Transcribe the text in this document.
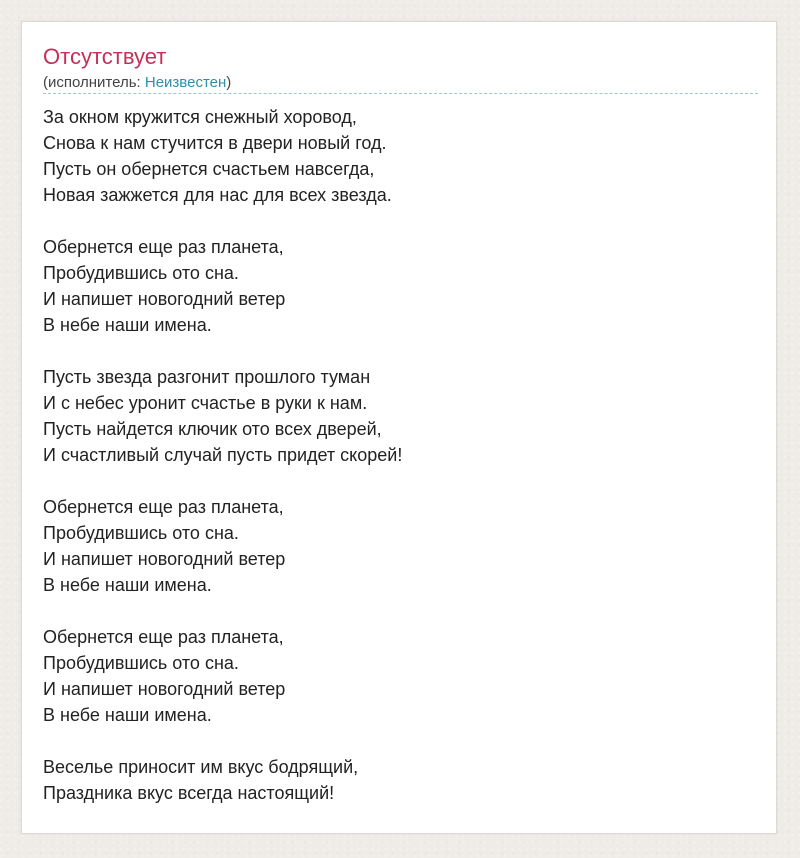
Отсутствует
(исполнитель: Неизвестен)
За окном кружится снежный хоровод,
Снова к нам стучится в двери новый год.
Пусть он обернется счастьем навсегда,
Новая зажжется для нас для всех звезда.
Обернется еще раз планета,
Пробудившись ото сна.
И напишет новогодний ветер
В небе наши имена.
Пусть звезда разгонит прошлого туман
И с небес уронит счастье в руки к нам.
Пусть найдется ключик ото всех дверей,
И счастливый случай пусть придет скорей!
Обернется еще раз планета,
Пробудившись ото сна.
И напишет новогодний ветер
В небе наши имена.
Обернется еще раз планета,
Пробудившись ото сна.
И напишет новогодний ветер
В небе наши имена.
Веселье приносит им вкус бодрящий,
Праздника вкус всегда настоящий!
